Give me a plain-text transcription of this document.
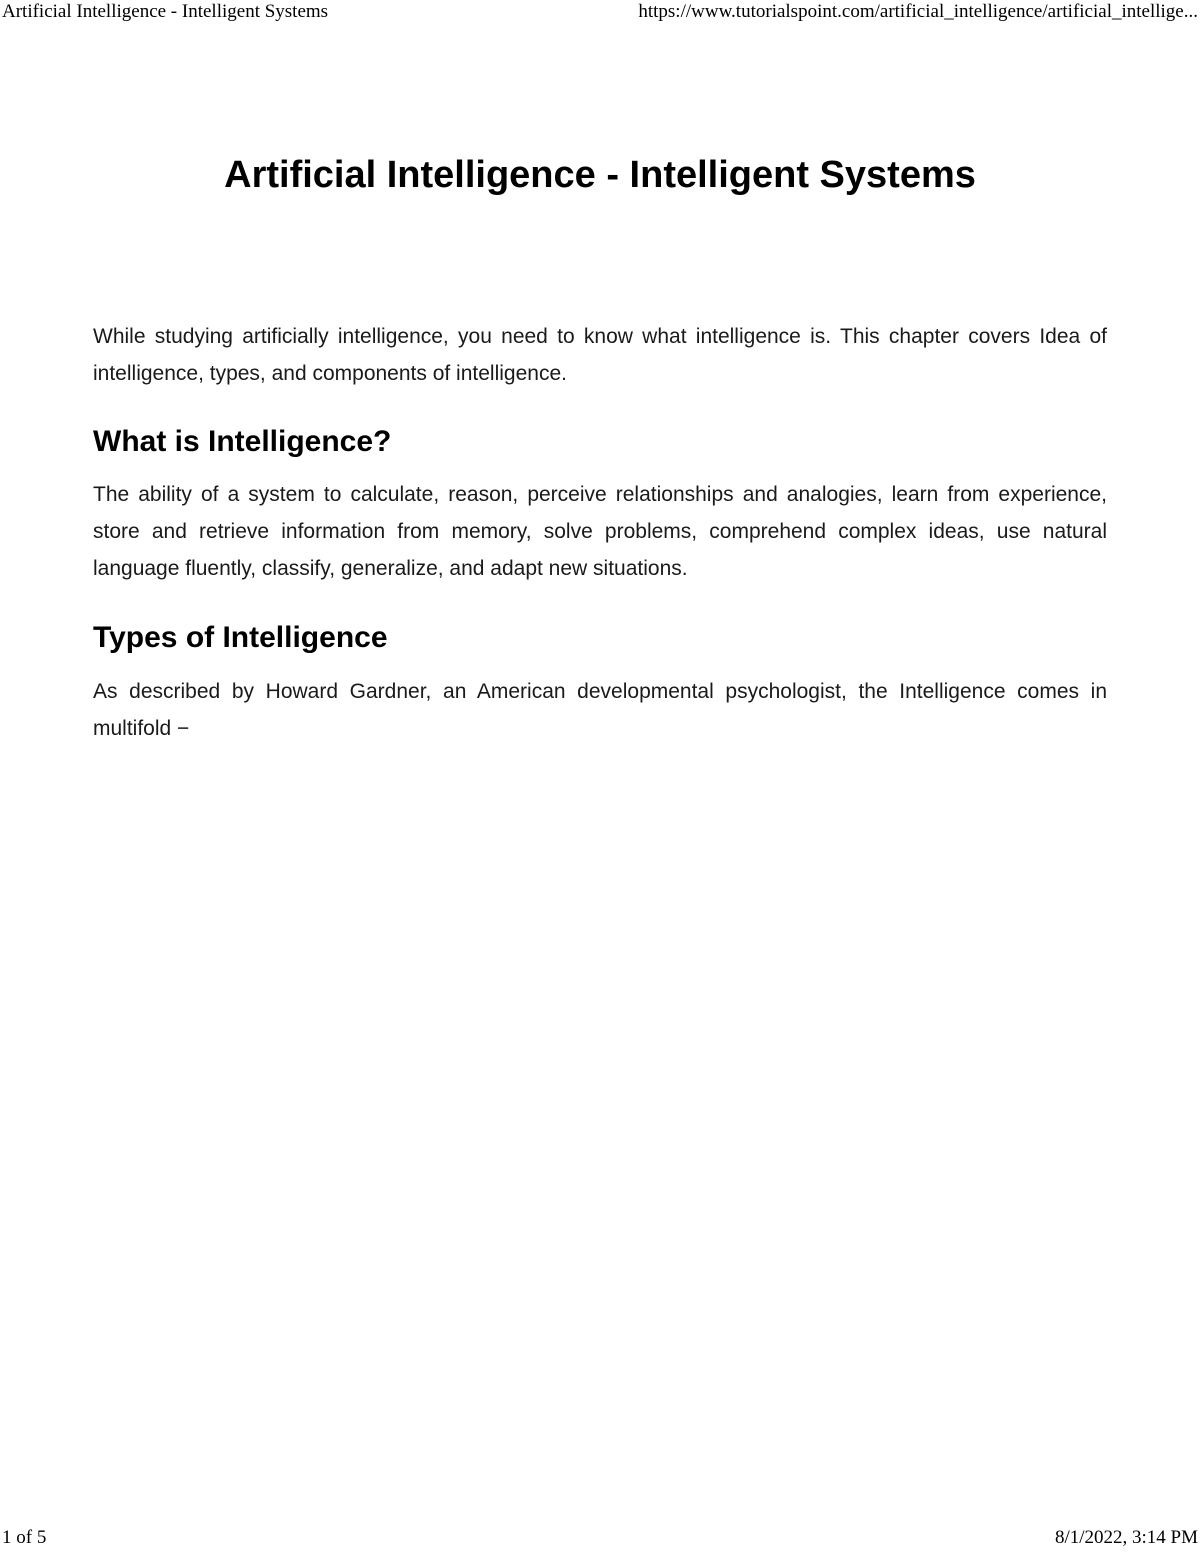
Artificial Intelligence - Intelligent Systems	https://www.tutorialspoint.com/artificial_intelligence/artificial_intellige...
Artificial Intelligence - Intelligent Systems

While studying artificially intelligence, you need to know what intelligence is. This chapter covers Idea of intelligence, types, and components of intelligence.

What is Intelligence?

The ability of a system to calculate, reason, perceive relationships and analogies, learn from experience, store and retrieve information from memory, solve problems, comprehend complex ideas, use natural language fluently, classify, generalize, and adapt new situations.

Types of Intelligence

As described by Howard Gardner, an American developmental psychologist, the Intelligence comes in multifold −

1 of 5	8/1/2022, 3:14 PM
